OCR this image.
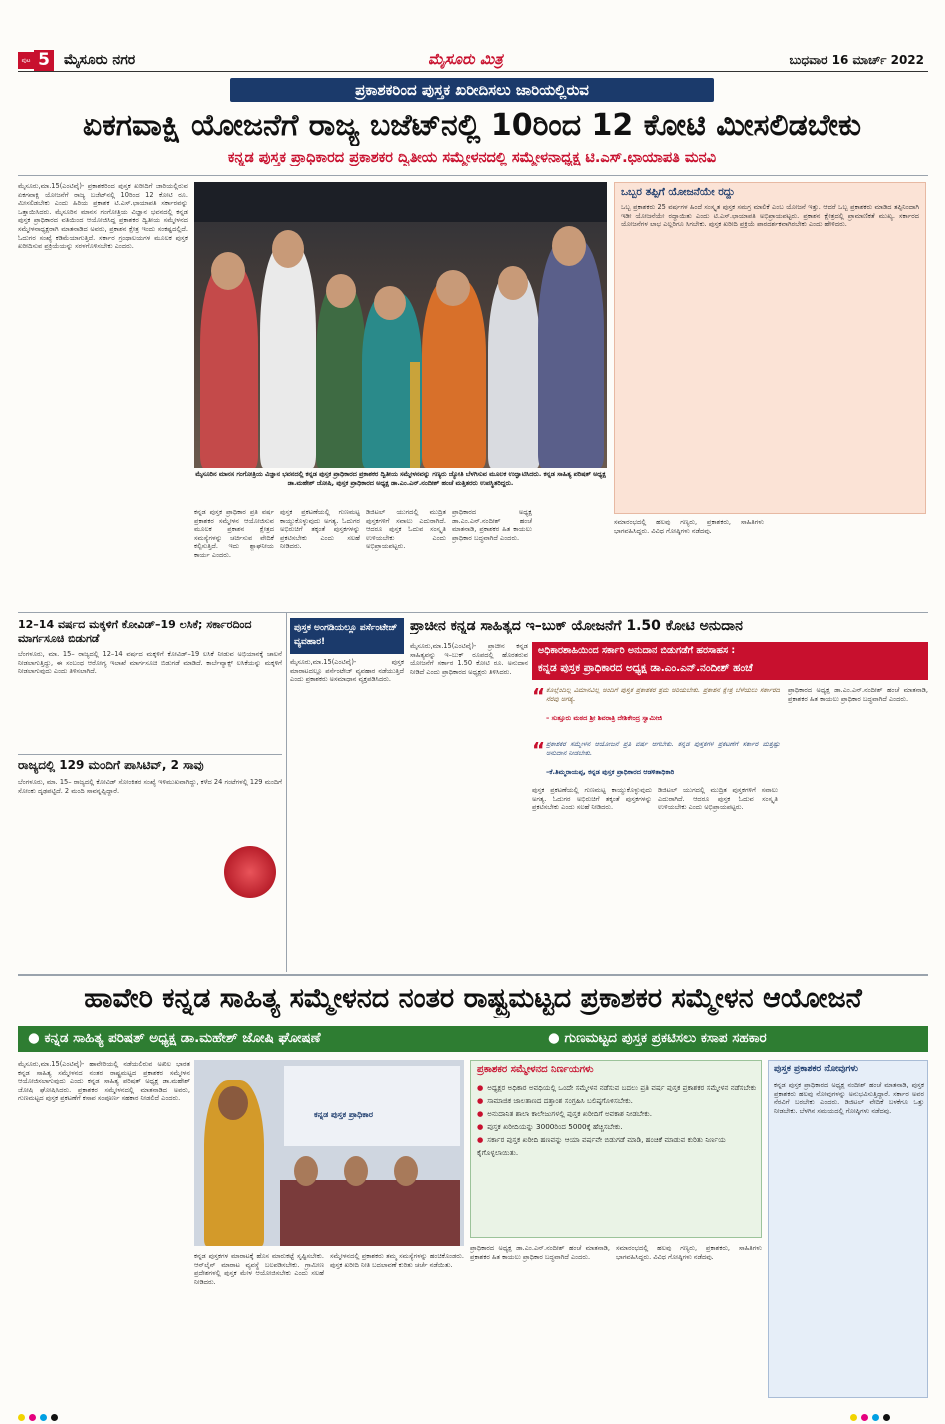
ಪುಟ 5 ಮೈಸೂರು ನಗರ	ಮೈಸೂರು ಮಿತ್ರ	ಬುಧವಾರ 16 ಮಾರ್ಚ್ 2022
ಪ್ರಕಾಶಕರಿಂದ ಪುಸ್ತಕ ಖರೀದಿಸಲು ಜಾರಿಯಲ್ಲಿರುವ
ಏಕಗವಾಕ್ಷಿ ಯೋಜನೆಗೆ ರಾಜ್ಯ ಬಜೆಟ್‌ನಲ್ಲಿ 10ರಿಂದ 12 ಕೋಟಿ ಮೀಸಲಿಡಬೇಕು
ಕನ್ನಡ ಪುಸ್ತಕ ಪ್ರಾಧಿಕಾರದ ಪ್ರಕಾಶಕರ ದ್ವಿತೀಯ ಸಮ್ಮೇಳನದಲ್ಲಿ ಸಮ್ಮೇಳನಾಧ್ಯಕ್ಷ ಟಿ.ಎಸ್.ಛಾಯಾಪತಿ ಮನವಿ
ಮೈಸೂರು,ಮಾ.15(ಎಂಟಿವೈ)- ಪ್ರಕಾಶಕರಿಂದ ಪುಸ್ತಕ ಖರೀದಿಗೆ ಜಾರಿಯಲ್ಲಿರುವ ಏಕಗವಾಕ್ಷಿ ಯೋಜನೆಗೆ ರಾಜ್ಯ ಬಜೆಟ್‌ನಲ್ಲಿ 10ರಿಂದ 12 ಕೋಟಿ ರೂ. ಮೀಸಲಿಡಬೇಕು ಎಂದು ಹಿರಿಯ ಪ್ರಕಾಶಕ ಟಿ.ಎಸ್.ಛಾಯಾಪತಿ ಸರ್ಕಾರವನ್ನು ಒತ್ತಾಯಿಸಿದರು. ಮೈಸೂರಿನ ಮಾನಸ ಗಂಗೋತ್ರಿಯ ವಿಜ್ಞಾನ ಭವನದಲ್ಲಿ ಕನ್ನಡ ಪುಸ್ತಕ ಪ್ರಾಧಿಕಾರದ ವತಿಯಿಂದ ಆಯೋಜಿಸಿದ್ದ ಪ್ರಕಾಶಕರ ದ್ವಿತೀಯ ಸಮ್ಮೇಳನದ ಸಮ್ಮೇಳನಾಧ್ಯಕ್ಷರಾಗಿ ಮಾತನಾಡಿದ ಅವರು, ಪ್ರಕಾಶನ ಕ್ಷೇತ್ರ ಇಂದು ಸಂಕಷ್ಟದಲ್ಲಿದೆ. ಓದುಗರ ಸಂಖ್ಯೆ ಕಡಿಮೆಯಾಗುತ್ತಿದೆ. ಸರ್ಕಾರ ಗ್ರಂಥಾಲಯಗಳ ಮೂಲಕ ಪುಸ್ತಕ ಖರೀದಿಸುವ ಪ್ರಕ್ರಿಯೆಯನ್ನು ಸರಳಗೊಳಿಸಬೇಕು ಎಂದರು.
ಮೈಸೂರಿನ ಮಾನಸ ಗಂಗೋತ್ರಿಯ ವಿಜ್ಞಾನ ಭವನದಲ್ಲಿ ಕನ್ನಡ ಪುಸ್ತಕ ಪ್ರಾಧಿಕಾರದ ಪ್ರಕಾಶಕರ ದ್ವಿತೀಯ ಸಮ್ಮೇಳನವನ್ನು ಗಣ್ಯರು ಜ್ಯೋತಿ ಬೆಳಗಿಸುವ ಮೂಲಕ ಉದ್ಘಾಟಿಸಿದರು. ಕನ್ನಡ ಸಾಹಿತ್ಯ ಪರಿಷತ್ ಅಧ್ಯಕ್ಷ ಡಾ.ಮಹೇಶ್ ಜೋಷಿ, ಪುಸ್ತಕ ಪ್ರಾಧಿಕಾರದ ಅಧ್ಯಕ್ಷ ಡಾ.ಎಂ.ಎನ್.ನಂದೀಶ್ ಹಂಚೆ ಮತ್ತಿತರರು ಉಪಸ್ಥಿತರಿದ್ದರು.
ಒಬ್ಬರ ತಪ್ಪಿಗೆ ಯೋಜನೆಯೇ ರದ್ದು
ಒಬ್ಬ ಪ್ರಕಾಶಕರು 25 ವರ್ಷಗಳ ಹಿಂದೆ ಸಂಸ್ಕೃತ ಪುಸ್ತಕ ಸಮಗ್ರ ಮಾಲಿಕೆ ಎಂಬ ಯೋಜನೆ ಇತ್ತು. ಆದರೆ ಒಬ್ಬ ಪ್ರಕಾಶಕರು ಮಾಡಿದ ತಪ್ಪಿನಿಂದಾಗಿ ಇಡೀ ಯೋಜನೆಯೇ ರದ್ದಾಯಿತು ಎಂದು ಟಿ.ಎಸ್.ಛಾಯಾಪತಿ ಅಭಿಪ್ರಾಯಪಟ್ಟರು. ಪ್ರಕಾಶನ ಕ್ಷೇತ್ರದಲ್ಲಿ ಪ್ರಾಮಾಣಿಕತೆ ಮುಖ್ಯ. ಸರ್ಕಾರದ ಯೋಜನೆಗಳ ಲಾಭ ಎಲ್ಲರಿಗೂ ಸಿಗಬೇಕು. ಪುಸ್ತಕ ಖರೀದಿ ಪ್ರಕ್ರಿಯೆ ಪಾರದರ್ಶಕವಾಗಿರಬೇಕು ಎಂದು ಹೇಳಿದರು.
ಕನ್ನಡ ಪುಸ್ತಕ ಪ್ರಾಧಿಕಾರ ಪ್ರತಿ ವರ್ಷ ಪ್ರಕಾಶಕರ ಸಮ್ಮೇಳನ ಆಯೋಜಿಸುವ ಮೂಲಕ ಪ್ರಕಾಶನ ಕ್ಷೇತ್ರದ ಸಮಸ್ಯೆಗಳನ್ನು ಚರ್ಚಿಸುವ ವೇದಿಕೆ ಕಲ್ಪಿಸುತ್ತಿದೆ. ಇದು ಶ್ಲಾಘನೀಯ ಕಾರ್ಯ ಎಂದರು.
ಪುಸ್ತಕ ಪ್ರಕಟಣೆಯಲ್ಲಿ ಗುಣಮಟ್ಟ ಕಾಯ್ದುಕೊಳ್ಳುವುದು ಅಗತ್ಯ. ಓದುಗರ ಅಭಿರುಚಿಗೆ ತಕ್ಕಂತೆ ಪುಸ್ತಕಗಳನ್ನು ಪ್ರಕಟಿಸಬೇಕು ಎಂದು ಸಲಹೆ ನೀಡಿದರು.
ಡಿಜಿಟಲ್ ಯುಗದಲ್ಲಿ ಮುದ್ರಿತ ಪುಸ್ತಕಗಳಿಗೆ ಸವಾಲು ಎದುರಾಗಿದೆ. ಆದರೂ ಪುಸ್ತಕ ಓದುವ ಸಂಸ್ಕೃತಿ ಉಳಿಯಬೇಕು ಎಂದು ಅಭಿಪ್ರಾಯಪಟ್ಟರು.
ಪ್ರಾಧಿಕಾರದ ಅಧ್ಯಕ್ಷ ಡಾ.ಎಂ.ಎನ್.ನಂದೀಶ್ ಹಂಚೆ ಮಾತನಾಡಿ, ಪ್ರಕಾಶಕರ ಹಿತ ಕಾಯಲು ಪ್ರಾಧಿಕಾರ ಬದ್ಧವಾಗಿದೆ ಎಂದರು.
ಸಮಾರಂಭದಲ್ಲಿ ಹಲವು ಗಣ್ಯರು, ಪ್ರಕಾಶಕರು, ಸಾಹಿತಿಗಳು ಭಾಗವಹಿಸಿದ್ದರು. ವಿವಿಧ ಗೋಷ್ಠಿಗಳು ನಡೆದವು.
12–14 ವರ್ಷದ ಮಕ್ಕಳಿಗೆ ಕೋವಿಡ್–19 ಲಸಿಕೆ; ಸರ್ಕಾರದಿಂದ ಮಾರ್ಗಸೂಚಿ ಬಿಡುಗಡೆ
ಬೆಂಗಳೂರು, ಮಾ. 15– ರಾಜ್ಯದಲ್ಲಿ 12–14 ವರ್ಷದ ಮಕ್ಕಳಿಗೆ ಕೋವಿಡ್–19 ಲಸಿಕೆ ನೀಡುವ ಅಭಿಯಾನಕ್ಕೆ ಚಾಲನೆ ನೀಡಲಾಗುತ್ತಿದ್ದು, ಈ ಸಂಬಂಧ ಆರೋಗ್ಯ ಇಲಾಖೆ ಮಾರ್ಗಸೂಚಿ ಬಿಡುಗಡೆ ಮಾಡಿದೆ. ಕಾರ್ಬೆವ್ಯಾಕ್ಸ್ ಲಸಿಕೆಯನ್ನು ಮಕ್ಕಳಿಗೆ ನೀಡಲಾಗುವುದು ಎಂದು ತಿಳಿಸಲಾಗಿದೆ.
ರಾಜ್ಯದಲ್ಲಿ 129 ಮಂದಿಗೆ ಪಾಸಿಟಿವ್, 2 ಸಾವು
ಬೆಂಗಳೂರು, ಮಾ. 15– ರಾಜ್ಯದಲ್ಲಿ ಕೋವಿಡ್ ಸೋಂಕಿತರ ಸಂಖ್ಯೆ ಇಳಿಮುಖವಾಗಿದ್ದು, ಕಳೆದ 24 ಗಂಟೆಗಳಲ್ಲಿ 129 ಮಂದಿಗೆ ಸೋಂಕು ದೃಢಪಟ್ಟಿದೆ. 2 ಮಂದಿ ಸಾವನ್ನಪ್ಪಿದ್ದಾರೆ.
ಪುಸ್ತಕ ಅಂಗಡಿಯಲ್ಲೂ ಪರ್ಸೆಂಟೇಜ್ ವ್ಯವಹಾರ!
ಮೈಸೂರು,ಮಾ.15(ಎಂಟಿವೈ)- ಪುಸ್ತಕ ಮಾರಾಟದಲ್ಲೂ ಪರ್ಸೆಂಟೇಜ್ ವ್ಯವಹಾರ ನಡೆಯುತ್ತಿದೆ ಎಂದು ಪ್ರಕಾಶಕರು ಅಸಮಾಧಾನ ವ್ಯಕ್ತಪಡಿಸಿದರು.
ಪ್ರಾಚೀನ ಕನ್ನಡ ಸಾಹಿತ್ಯದ ಇ–ಬುಕ್ ಯೋಜನೆಗೆ 1.50 ಕೋಟಿ ಅನುದಾನ
ಮೈಸೂರು,ಮಾ.15(ಎಂಟಿವೈ)- ಪ್ರಾಚೀನ ಕನ್ನಡ ಸಾಹಿತ್ಯವನ್ನು ಇ–ಬುಕ್ ರೂಪದಲ್ಲಿ ಹೊರತರುವ ಯೋಜನೆಗೆ ಸರ್ಕಾರ 1.50 ಕೋಟಿ ರೂ. ಅನುದಾನ ನೀಡಿದೆ ಎಂದು ಪ್ರಾಧಿಕಾರದ ಅಧ್ಯಕ್ಷರು ತಿಳಿಸಿದರು.
ಅಧಿಕಾರಶಾಹಿಯಿಂದ ಸರ್ಕಾರಿ ಅನುದಾನ ಬಿಡುಗಡೆಗೆ ಹರಸಾಹಸ :
ಕನ್ನಡ ಪುಸ್ತಕ ಪ್ರಾಧಿಕಾರದ ಅಧ್ಯಕ್ಷ ಡಾ.ಎಂ.ಎನ್.ನಂದೀಶ್ ಹಂಚೆ
“ ಕೊಲ್ಲೆಂದಿಲ್ಲ ವಿಮಾನವಿಲ್ಲ ಅಂದಿಗೆ ಪುಸ್ತಕ ಪ್ರಕಾಶಕರ ಶ್ರಮ ಅರಿಯಬೇಕು. ಪ್ರಕಾಶನ ಕ್ಷೇತ್ರ ಬೆಳೆಯಲು ಸರ್ಕಾರದ ನೆರವು ಅಗತ್ಯ.
– ಸುತ್ತೂರು ಮಠದ ಶ್ರೀ ಶಿವರಾತ್ರಿ ದೇಶಿಕೇಂದ್ರ ಸ್ವಾಮೀಜಿ
“ ಪ್ರಕಾಶಕರ ಸಮ್ಮೇಳನ ಆಯೋಜನೆ ಪ್ರತಿ ವರ್ಷ ಆಗಬೇಕು. ಕನ್ನಡ ಪುಸ್ತಕಗಳ ಪ್ರಕಟಣೆಗೆ ಸರ್ಕಾರ ಮತ್ತಷ್ಟು ಅನುದಾನ ನೀಡಬೇಕು.
–ಕೆ.ತಿಮ್ಮರಾಯಪ್ಪ, ಕನ್ನಡ ಪುಸ್ತಕ ಪ್ರಾಧಿಕಾರದ ಆಡಳಿತಾಧಿಕಾರಿ
ಪುಸ್ತಕ ಪ್ರಕಟಣೆಯಲ್ಲಿ ಗುಣಮಟ್ಟ ಕಾಯ್ದುಕೊಳ್ಳುವುದು ಅಗತ್ಯ. ಓದುಗರ ಅಭಿರುಚಿಗೆ ತಕ್ಕಂತೆ ಪುಸ್ತಕಗಳನ್ನು ಪ್ರಕಟಿಸಬೇಕು ಎಂದು ಸಲಹೆ ನೀಡಿದರು.
ಡಿಜಿಟಲ್ ಯುಗದಲ್ಲಿ ಮುದ್ರಿತ ಪುಸ್ತಕಗಳಿಗೆ ಸವಾಲು ಎದುರಾಗಿದೆ. ಆದರೂ ಪುಸ್ತಕ ಓದುವ ಸಂಸ್ಕೃತಿ ಉಳಿಯಬೇಕು ಎಂದು ಅಭಿಪ್ರಾಯಪಟ್ಟರು.
ಪ್ರಾಧಿಕಾರದ ಅಧ್ಯಕ್ಷ ಡಾ.ಎಂ.ಎನ್.ನಂದೀಶ್ ಹಂಚೆ ಮಾತನಾಡಿ, ಪ್ರಕಾಶಕರ ಹಿತ ಕಾಯಲು ಪ್ರಾಧಿಕಾರ ಬದ್ಧವಾಗಿದೆ ಎಂದರು.
ಹಾವೇರಿ ಕನ್ನಡ ಸಾಹಿತ್ಯ ಸಮ್ಮೇಳನದ ನಂತರ ರಾಷ್ಟ್ರಮಟ್ಟದ ಪ್ರಕಾಶಕರ ಸಮ್ಮೇಳನ ಆಯೋಜನೆ
● ಕನ್ನಡ ಸಾಹಿತ್ಯ ಪರಿಷತ್ ಅಧ್ಯಕ್ಷ ಡಾ.ಮಹೇಶ್ ಜೋಷಿ ಘೋಷಣೆ	● ಗುಣಮಟ್ಟದ ಪುಸ್ತಕ ಪ್ರಕಟಿಸಲು ಕಸಾಪ ಸಹಕಾರ
ಮೈಸೂರು,ಮಾ.15(ಎಂಟಿವೈ)- ಹಾವೇರಿಯಲ್ಲಿ ನಡೆಯಲಿರುವ ಅಖಿಲ ಭಾರತ ಕನ್ನಡ ಸಾಹಿತ್ಯ ಸಮ್ಮೇಳನದ ನಂತರ ರಾಷ್ಟ್ರಮಟ್ಟದ ಪ್ರಕಾಶಕರ ಸಮ್ಮೇಳನ ಆಯೋಜಿಸಲಾಗುವುದು ಎಂದು ಕನ್ನಡ ಸಾಹಿತ್ಯ ಪರಿಷತ್ ಅಧ್ಯಕ್ಷ ಡಾ.ಮಹೇಶ್ ಜೋಷಿ ಘೋಷಿಸಿದರು. ಪ್ರಕಾಶಕರ ಸಮ್ಮೇಳನದಲ್ಲಿ ಮಾತನಾಡಿದ ಅವರು, ಗುಣಮಟ್ಟದ ಪುಸ್ತಕ ಪ್ರಕಟಣೆಗೆ ಕಸಾಪ ಸಂಪೂರ್ಣ ಸಹಕಾರ ನೀಡಲಿದೆ ಎಂದರು.
ಕನ್ನಡ ಪುಸ್ತಕ ಪ್ರಾಧಿಕಾರ
ಕನ್ನಡ ಪುಸ್ತಕಗಳ ಮಾರಾಟಕ್ಕೆ ಹೊಸ ಮಾರುಕಟ್ಟೆ ಸೃಷ್ಟಿಸಬೇಕು. ಆನ್‌ಲೈನ್ ಮಾರಾಟ ವ್ಯವಸ್ಥೆ ಬಲಪಡಿಸಬೇಕು. ಗ್ರಾಮೀಣ ಪ್ರದೇಶಗಳಲ್ಲಿ ಪುಸ್ತಕ ಮೇಳ ಆಯೋಜಿಸಬೇಕು ಎಂದು ಸಲಹೆ ನೀಡಿದರು.
ಸಮ್ಮೇಳನದಲ್ಲಿ ಪ್ರಕಾಶಕರು ತಮ್ಮ ಸಮಸ್ಯೆಗಳನ್ನು ಹಂಚಿಕೊಂಡರು. ಪುಸ್ತಕ ಖರೀದಿ ನೀತಿ ಬದಲಾವಣೆ ಕುರಿತು ಚರ್ಚೆ ನಡೆಯಿತು.
ಪ್ರಕಾಶಕರ ಸಮ್ಮೇಳನದ ನಿರ್ಣಯಗಳು
● ಅಧ್ಯಕ್ಷರ ಅಧಿಕಾರ ಅವಧಿಯಲ್ಲಿ ಒಂದೇ ಸಮ್ಮೇಳನ ನಡೆಸುವ ಬದಲು ಪ್ರತಿ ವರ್ಷ ಪುಸ್ತಕ ಪ್ರಕಾಶಕರ ಸಮ್ಮೇಳನ ನಡೆಸಬೇಕು
● ಸಾಮಾಜಿಕ ಜಾಲತಾಣದ ದತ್ತಾಂಶ ಸಂಗ್ರಹಿಸಿ ಬಲಿಷ್ಠಗೊಳಿಸಬೇಕು.
● ಅನುದಾನಿತ ಶಾಲಾ ಕಾಲೇಜುಗಳಲ್ಲಿ ಪುಸ್ತಕ ಖರೀದಿಗೆ ಅವಕಾಶ ನೀಡಬೇಕು.
● ಪುಸ್ತಕ ಖರೀದಿಯನ್ನು 3000ರಿಂದ 5000ಕ್ಕೆ ಹೆಚ್ಚಿಸಬೇಕು.
● ಸರ್ಕಾರ ಪುಸ್ತಕ ಖರೀದಿ ಹಣವನ್ನು ಆಯಾ ವರ್ಷವೇ ಬಿಡುಗಡೆ ಮಾಡಿ, ಹಂಚಿಕೆ ಮಾಡುವ ಕುರಿತು ನಿರ್ಣಯ ಕೈಗೊಳ್ಳಲಾಯಿತು.
ಪ್ರಾಧಿಕಾರದ ಅಧ್ಯಕ್ಷ ಡಾ.ಎಂ.ಎನ್.ನಂದೀಶ್ ಹಂಚೆ ಮಾತನಾಡಿ, ಪ್ರಕಾಶಕರ ಹಿತ ಕಾಯಲು ಪ್ರಾಧಿಕಾರ ಬದ್ಧವಾಗಿದೆ ಎಂದರು.
ಸಮಾರಂಭದಲ್ಲಿ ಹಲವು ಗಣ್ಯರು, ಪ್ರಕಾಶಕರು, ಸಾಹಿತಿಗಳು ಭಾಗವಹಿಸಿದ್ದರು. ವಿವಿಧ ಗೋಷ್ಠಿಗಳು ನಡೆದವು.
ಪುಸ್ತಕ ಪ್ರಕಾಶಕರ ನೋವುಗಳು
ಕನ್ನಡ ಪುಸ್ತಕ ಪ್ರಾಧಿಕಾರದ ಅಧ್ಯಕ್ಷ ನಂದೀಶ್ ಹಂಚೆ ಮಾತನಾಡಿ, ಪುಸ್ತಕ ಪ್ರಕಾಶಕರು ಹಲವು ನೋವುಗಳನ್ನು ಅನುಭವಿಸುತ್ತಿದ್ದಾರೆ. ಸರ್ಕಾರ ಅವರ ನೆರವಿಗೆ ಬರಬೇಕು ಎಂದರು. ಡಿಜಿಟಲ್ ವೇದಿಕೆ ಬಳಕೆಗೂ ಒತ್ತು ನೀಡಬೇಕು. ಬೆಳಗಿನ ಸಮಯದಲ್ಲಿ ಗೋಷ್ಠಿಗಳು ನಡೆದವು.
